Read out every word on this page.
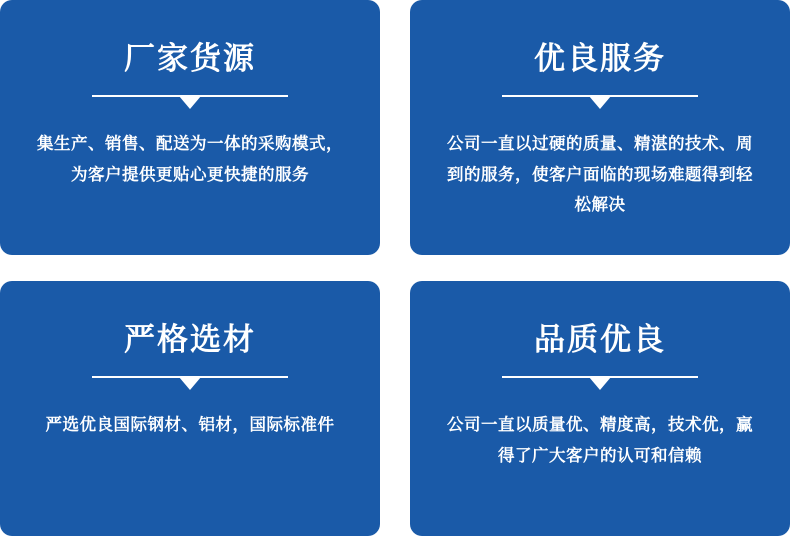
厂家货源
集生产、销售、配送为一体的采购模式，为客户提供更贴心更快捷的服务
优良服务
公司一直以过硬的质量、精湛的技术、周到的服务，使客户面临的现场难题得到轻松解决
严格选材
严选优良国际钢材、铝材，国际标准件
品质优良
公司一直以质量优、精度高，技术优，赢得了广大客户的认可和信赖
